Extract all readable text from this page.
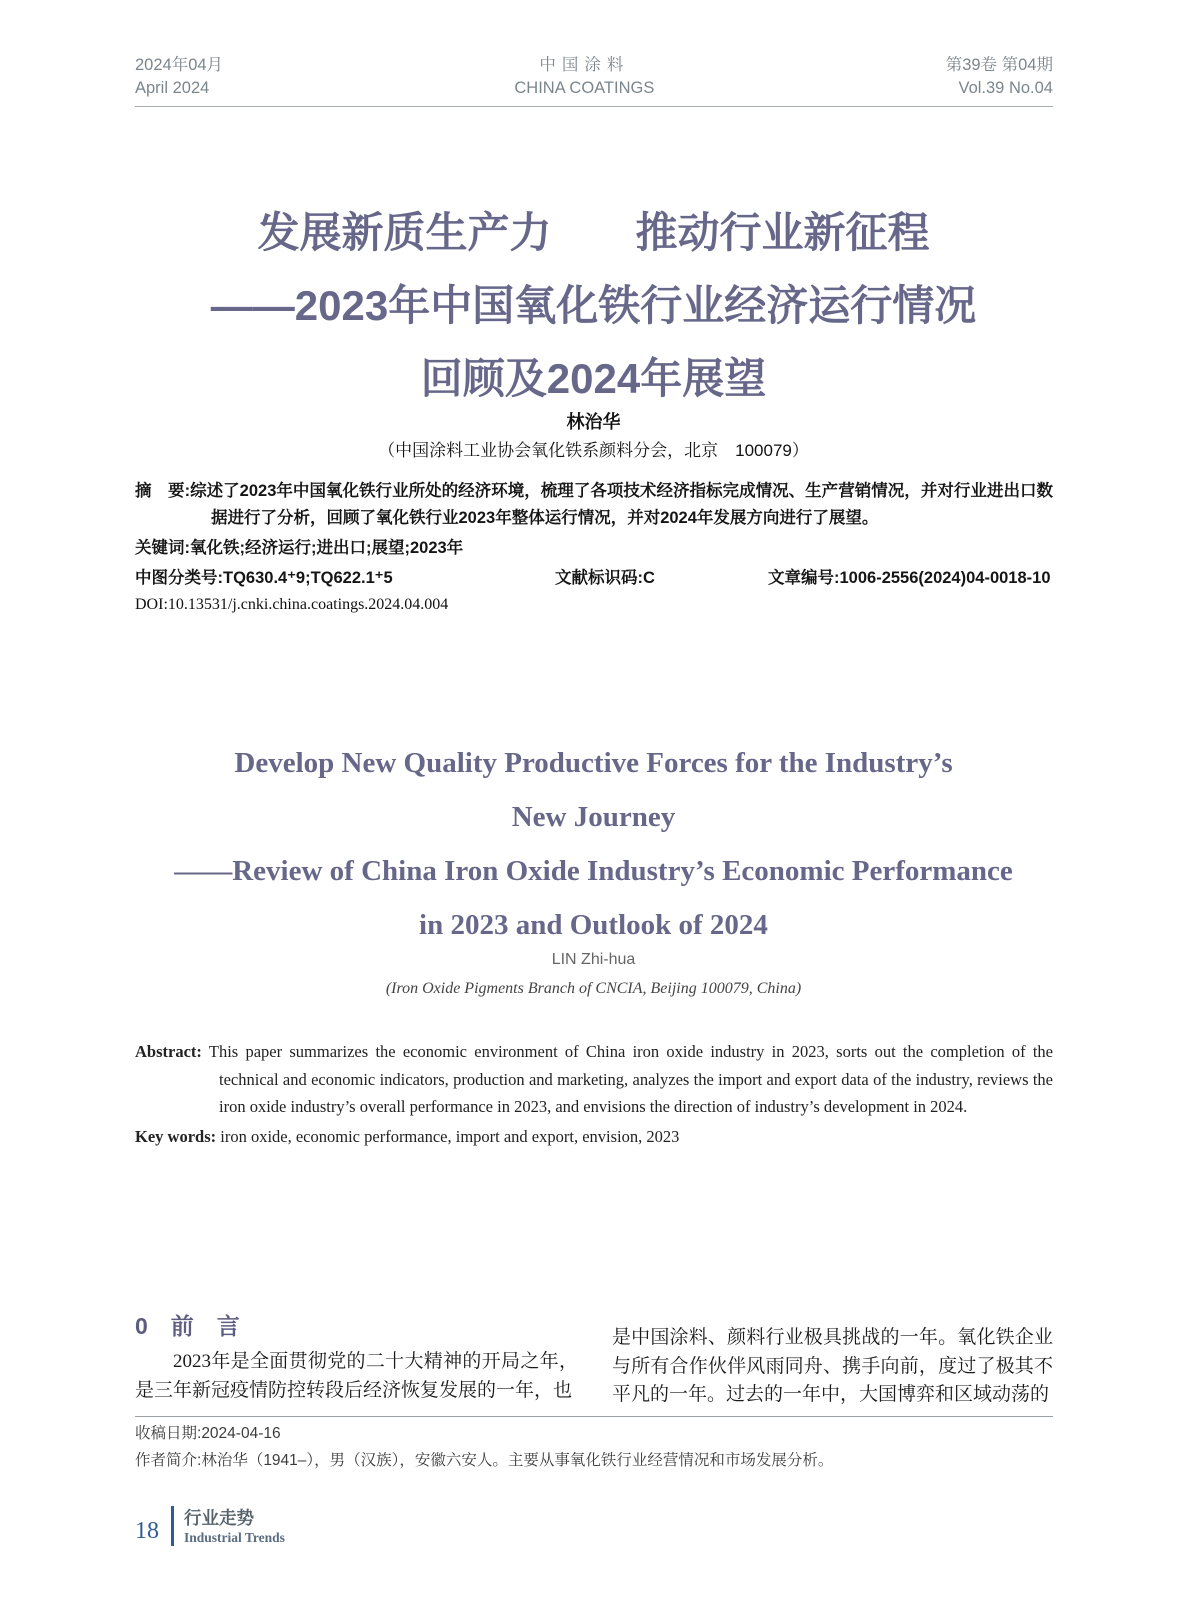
2024年04月
April 2024
中国涂料
CHINA COATINGS
第39卷 第04期
Vol.39 No.04
发展新质生产力　　推动行业新征程
——2023年中国氧化铁行业经济运行情况
回顾及2024年展望
林治华
（中国涂料工业协会氧化铁系颜料分会，北京　100079）

摘　要:综述了2023年中国氧化铁行业所处的经济环境，梳理了各项技术经济指标完成情况、生产营销情况，并对行业进出口数据进行了分析，回顾了氧化铁行业2023年整体运行情况，并对2024年发展方向进行了展望。

关键词:氧化铁;经济运行;进出口;展望;2023年

中图分类号:TQ630.4⁺9;TQ622.1⁺5	文献标识码:C	文章编号:1006-2556(2024)04-0018-10
DOI:10.13531/j.cnki.china.coatings.2024.04.004
Develop New Quality Productive Forces for the Industry’s
New Journey
——Review of China Iron Oxide Industry’s Economic Performance
in 2023 and Outlook of 2024
LIN Zhi-hua
(Iron Oxide Pigments Branch of CNCIA, Beijing 100079, China)

Abstract: This paper summarizes the economic environment of China iron oxide industry in 2023, sorts out the completion of the technical and economic indicators, production and marketing, analyzes the import and export data of the industry, reviews the iron oxide industry’s overall performance in 2023, and envisions the direction of industry’s development in 2024.

Key words: iron oxide, economic performance, import and export, envision, 2023

0　前　言

2023年是全面贯彻党的二十大精神的开局之年，是三年新冠疫情防控转段后经济恢复发展的一年，也

是中国涂料、颜料行业极具挑战的一年。氧化铁企业与所有合作伙伴风雨同舟、携手向前，度过了极其不平凡的一年。过去的一年中，大国博弈和区域动荡的

收稿日期:2024-04-16

作者简介:林治华（1941–），男（汉族），安徽六安人。主要从事氧化铁行业经营情况和市场发展分析。

18 行业走势
Industrial Trends
